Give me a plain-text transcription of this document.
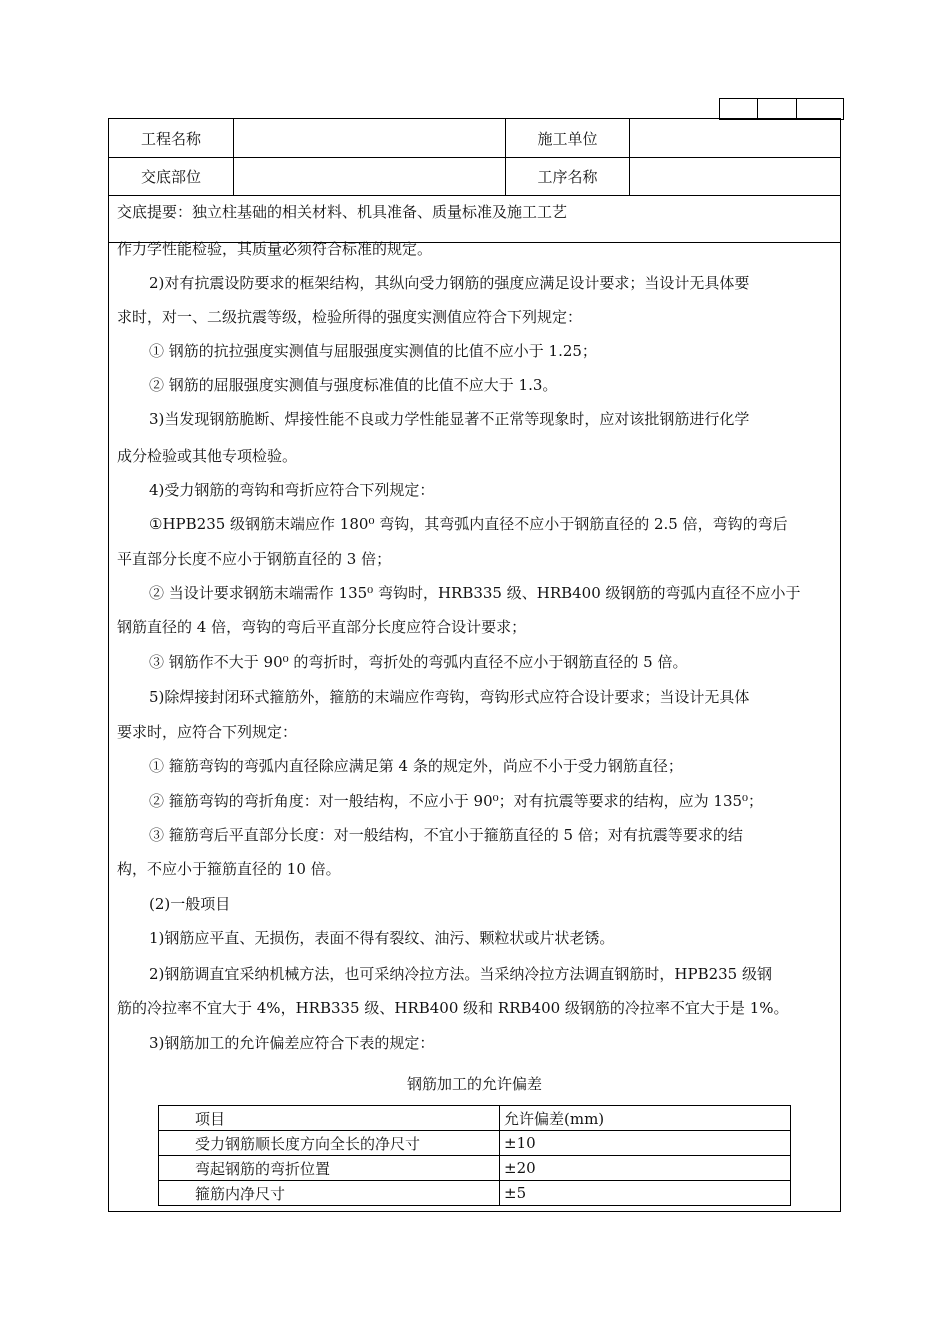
工程名称	施工单位
交底部位	工序名称
交底提要：独立柱基础的相关材料、机具准备、质量标准及施工工艺
作力学性能检验，其质量必须符合标准的规定。
2)对有抗震设防要求的框架结构，其纵向受力钢筋的强度应满足设计要求；当设计无具体要
求时，对一、二级抗震等级，检验所得的强度实测值应符合下列规定：
① 钢筋的抗拉强度实测值与屈服强度实测值的比值不应小于 1.25；
② 钢筋的屈服强度实测值与强度标准值的比值不应大于 1.3。
3)当发现钢筋脆断、焊接性能不良或力学性能显著不正常等现象时，应对该批钢筋进行化学
成分检验或其他专项检验。
4)受力钢筋的弯钩和弯折应符合下列规定：
①HPB235 级钢筋末端应作 180⁰ 弯钩，其弯弧内直径不应小于钢筋直径的 2.5 倍，弯钩的弯后
平直部分长度不应小于钢筋直径的 3 倍；
② 当设计要求钢筋末端需作 135⁰ 弯钩时，HRB335 级、HRB400 级钢筋的弯弧内直径不应小于
钢筋直径的 4 倍，弯钩的弯后平直部分长度应符合设计要求；
③ 钢筋作不大于 90⁰ 的弯折时，弯折处的弯弧内直径不应小于钢筋直径的 5 倍。
5)除焊接封闭环式箍筋外，箍筋的末端应作弯钩，弯钩形式应符合设计要求；当设计无具体
要求时，应符合下列规定：
① 箍筋弯钩的弯弧内直径除应满足第 4 条的规定外，尚应不小于受力钢筋直径；
② 箍筋弯钩的弯折角度：对一般结构，不应小于 90⁰；对有抗震等要求的结构，应为 135⁰；
③ 箍筋弯后平直部分长度：对一般结构，不宜小于箍筋直径的 5 倍；对有抗震等要求的结
构，不应小于箍筋直径的 10 倍。
(2)一般项目
1)钢筋应平直、无损伤，表面不得有裂纹、油污、颗粒状或片状老锈。
2)钢筋调直宜采纳机械方法，也可采纳冷拉方法。当采纳冷拉方法调直钢筋时，HPB235 级钢
筋的冷拉率不宜大于 4%，HRB335 级、HRB400 级和 RRB400 级钢筋的冷拉率不宜大于是 1%。
3)钢筋加工的允许偏差应符合下表的规定：
钢筋加工的允许偏差
项目	允许偏差(mm)
受力钢筋顺长度方向全长的净尺寸	±10
弯起钢筋的弯折位置	±20
箍筋内净尺寸	±5
